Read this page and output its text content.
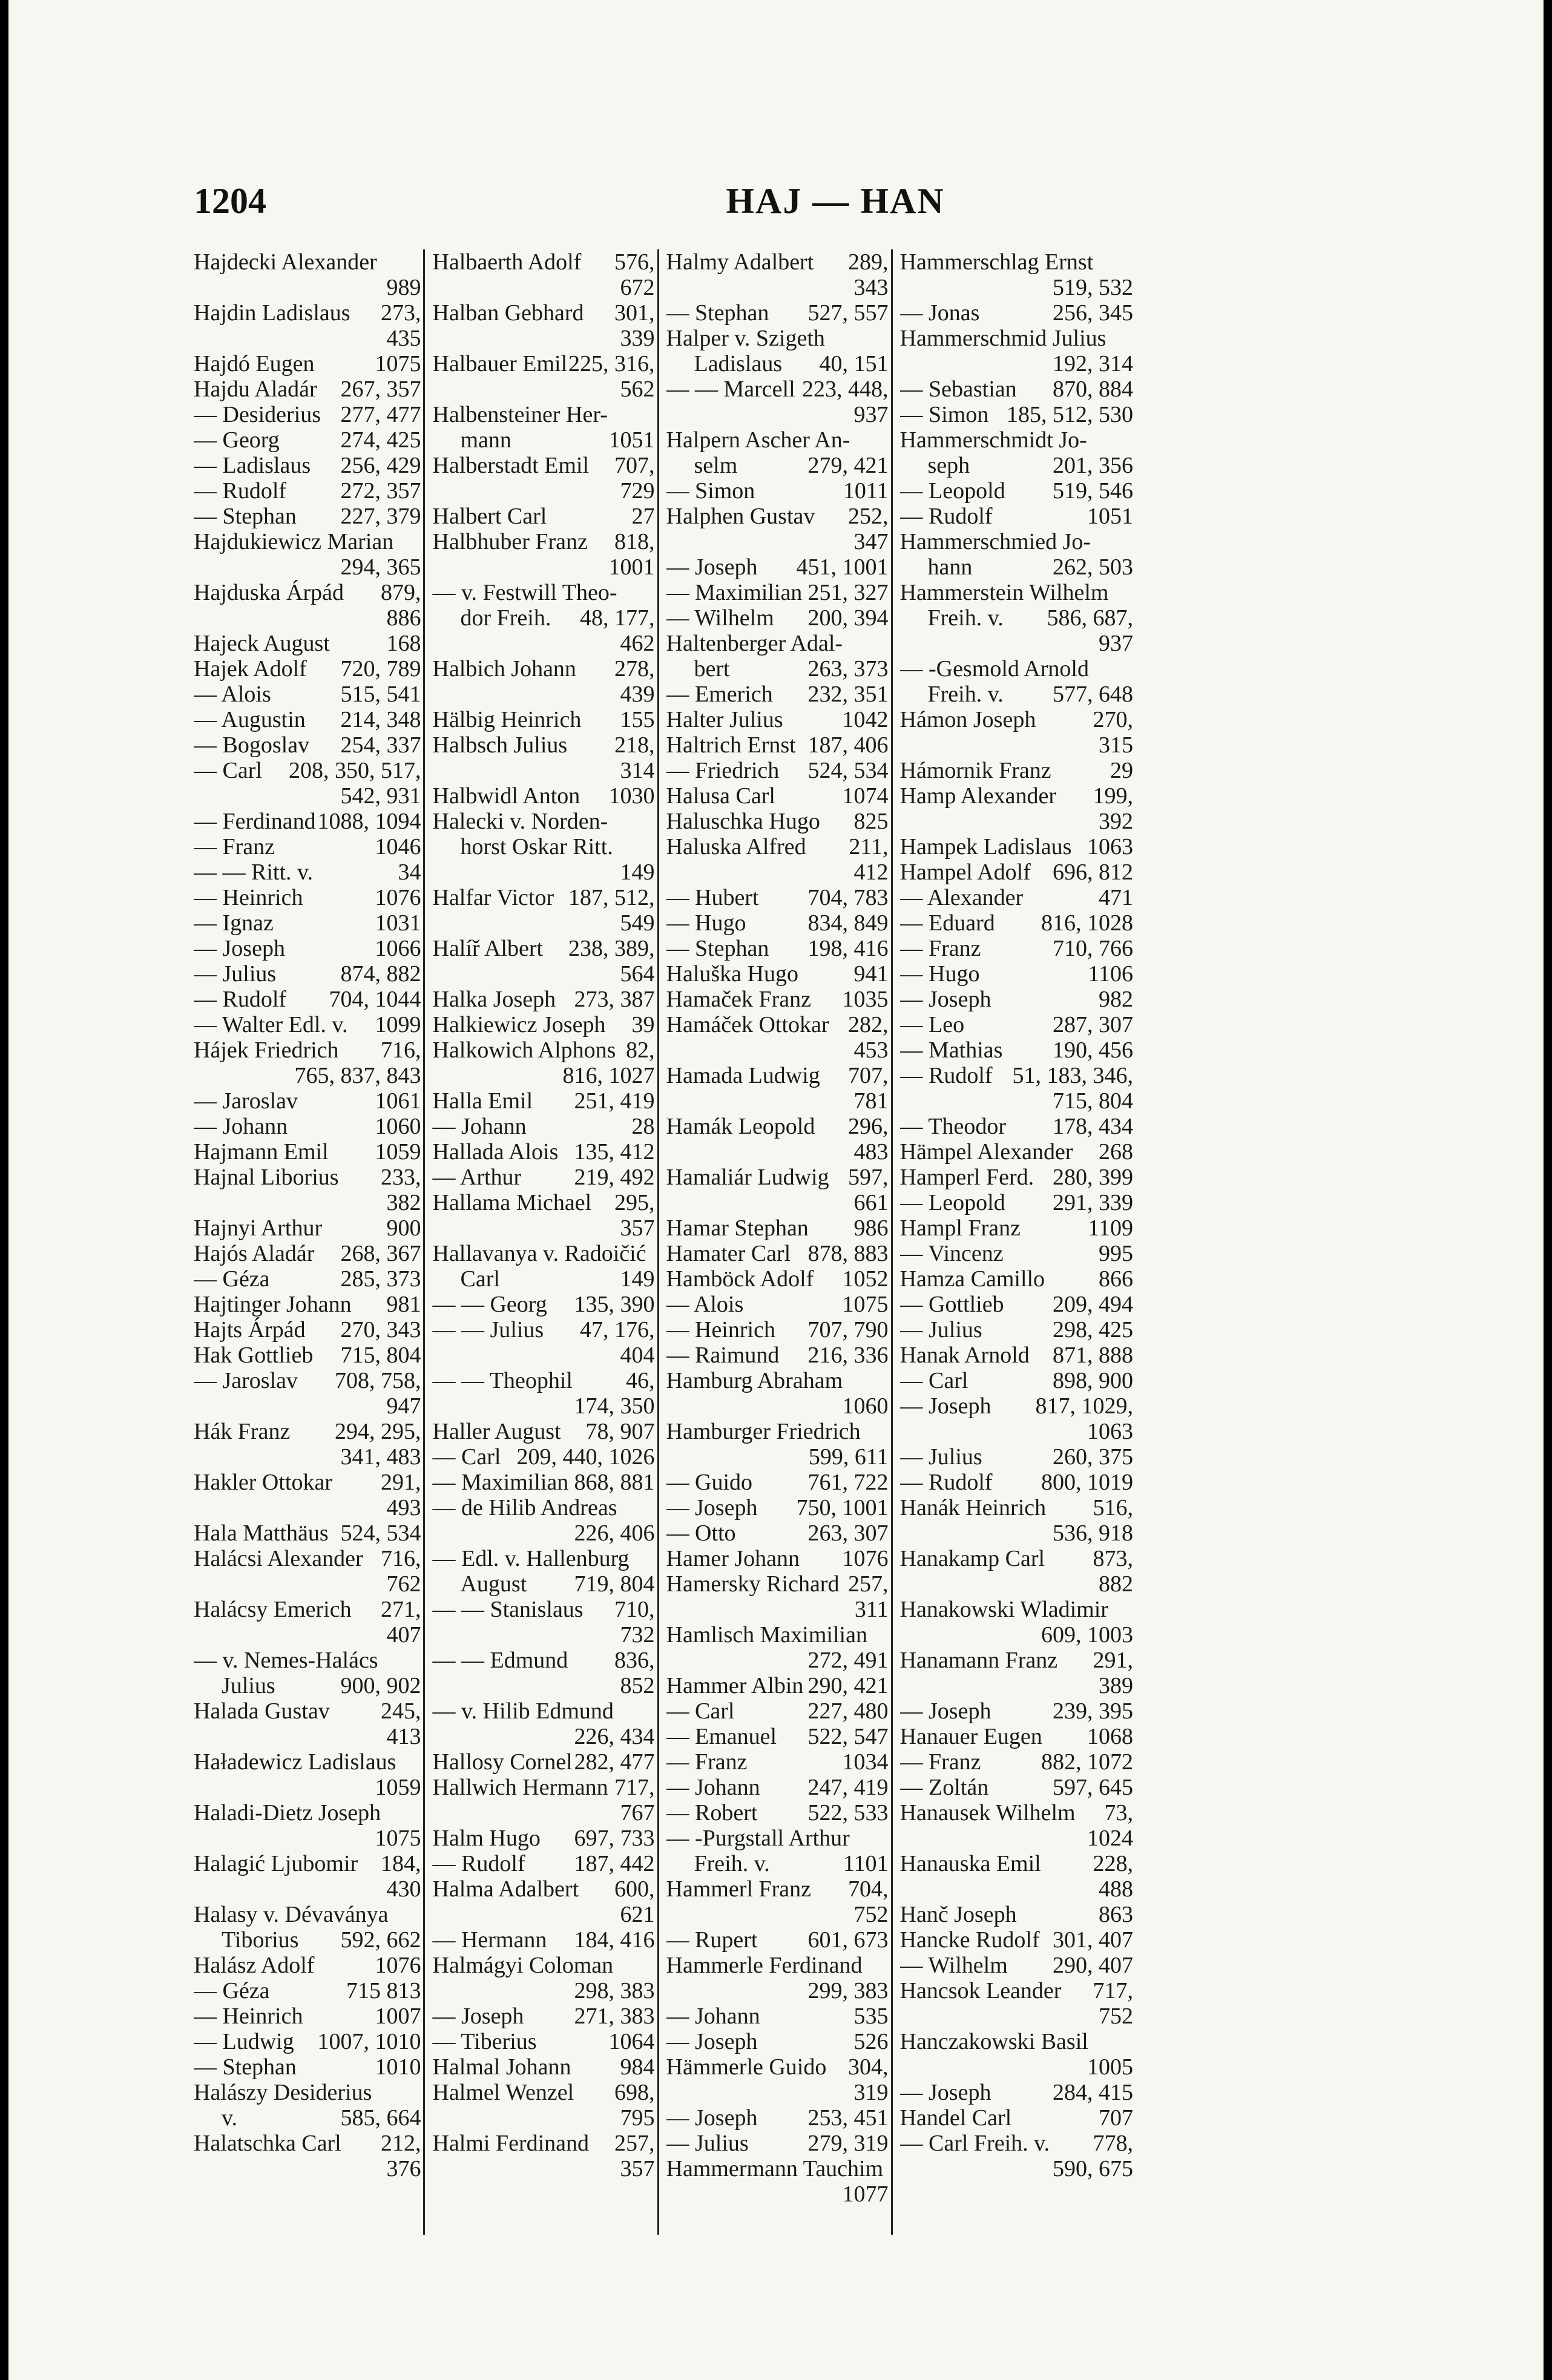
1204	HAJ — HAN
Hajdecki Alexander
989
Hajdin Ladislaus 273,
435
Hajdó Eugen	1075
Hajdu Aladár 267, 357
— Desiderius 277, 477
— Georg	274, 425
— Ladislaus 256, 429
— Rudolf 272, 357
— Stephan 227, 379
Hajdukiewicz Marian
294, 365
Hajduska Árpád 879,
886
Hajeck August 168
Hajek Adolf 720, 789
— Alois	515, 541
— Augustin 214, 348
— Bogoslav 254, 337
— Carl 208, 350, 517,
542, 931
— Ferdinand 1088, 1094
— Franz	1046
— — Ritt. v.	34
— Heinrich	1076
— Ignaz	1031
— Joseph	1066
— Julius	874, 882
— Rudolf 704, 1044
— Walter Edl. v. 1099
Hájek Friedrich 716,
765, 837, 843
— Jaroslav	1061
— Johann	1060
Hajmann Emil 1059
Hajnal Liborius 233,
382
Hajnyi Arthur	900
Hajós Aladár 268, 367
— Géza	285, 373
Hajtinger Johann 981
Hajts Árpád 270, 343
Hak Gottlieb 715, 804
— Jaroslav 708, 758,
947
Hák Franz 294, 295,
341, 483
Hakler Ottokar 291,
493
Hala Matthäus 524, 534
Halácsi Alexander 716,
762
Halácsy Emerich 271,
407
— v. Nemes-Halács
Julius	900, 902
Halada Gustav 245,
413
Haładewicz Ladislaus
1059
Haladi-Dietz Joseph
1075
Halagić Ljubomir 184,
430
Halasy v. Dévaványa
Tiborius 592, 662
Halász Adolf	1076
— Géza	715 813
— Heinrich	1007
— Ludwig 1007, 1010
— Stephan	1010
Halászy Desiderius
v.	585, 664
Halatschka Carl 212,
376
Halbaerth Adolf 576,
672
Halban Gebhard 301,
339
Halbauer Emil 225, 316,
562
Halbensteiner Her-
mann	1051
Halberstadt Emil 707,
729
Halbert Carl	27
Halbhuber Franz 818,
1001
— v. Festwill Theo-
dor Freih. 48, 177,
462
Halbich Johann 278,
439
Hälbig Heinrich 155
Halbsch Julius 218,
314
Halbwidl Anton 1030
Halecki v. Norden-
horst Oskar Ritt.
149
Halfar Victor 187, 512,
549
Halíř Albert 238, 389,
564
Halka Joseph 273, 387
Halkiewicz Joseph 39
Halkowich Alphons 82,
816, 1027
Halla Emil 251, 419
— Johann	28
Hallada Alois 135, 412
— Arthur 219, 492
Hallama Michael 295,
357
Hallavanya v. Radoičić
Carl	149
— — Georg 135, 390
— — Julius 47, 176,
404
— — Theophil 46,
174, 350
Haller August 78, 907
— Carl 209, 440, 1026
— Maximilian 868, 881
— de Hilib Andreas
226, 406
— Edl. v. Hallenburg
August 719, 804
— — Stanislaus 710,
732
— — Edmund 836,
852
— v. Hilib Edmund
226, 434
Hallosy Cornel 282, 477
Hallwich Hermann 717,
767
Halm Hugo 697, 733
— Rudolf 187, 442
Halma Adalbert 600,
621
— Hermann 184, 416
Halmágyi Coloman
298, 383
— Joseph 271, 383
— Tiberius	1064
Halmal Johann 984
Halmel Wenzel 698,
795
Halmi Ferdinand 257,
357
Halmy Adalbert 289,
343
— Stephan 527, 557
Halper v. Szigeth
Ladislaus 40, 151
— — Marcell 223, 448,
937
Halpern Ascher An-
selm	279, 421
— Simon	1011
Halphen Gustav 252,
347
— Joseph 451, 1001
— Maximilian 251, 327
— Wilhelm 200, 394
Haltenberger Adal-
bert	263, 373
— Emerich 232, 351
Halter Julius	1042
Haltrich Ernst 187, 406
— Friedrich 524, 534
Halusa Carl	1074
Haluschka Hugo 825
Haluska Alfred 211,
412
— Hubert 704, 783
— Hugo	834, 849
— Stephan 198, 416
Haluška Hugo 941
Hamaček Franz 1035
Hamáček Ottokar 282,
453
Hamada Ludwig 707,
781
Hamák Leopold 296,
483
Hamaliár Ludwig 597,
661
Hamar Stephan 986
Hamater Carl 878, 883
Hamböck Adolf 1052
— Alois	1075
— Heinrich 707, 790
— Raimund 216, 336
Hamburg Abraham
1060
Hamburger Friedrich
599, 611
— Guido 761, 722
— Joseph 750, 1001
— Otto	263, 307
Hamer Johann 1076
Hamersky Richard 257,
311
Hamlisch Maximilian
272, 491
Hammer Albin 290, 421
— Carl	227, 480
— Emanuel 522, 547
— Franz	1034
— Johann 247, 419
— Robert 522, 533
— -Purgstall Arthur
Freih. v.	1101
Hammerl Franz 704,
752
— Rupert 601, 673
Hammerle Ferdinand
299, 383
— Johann	535
— Joseph	526
Hämmerle Guido 304,
319
— Joseph 253, 451
— Julius	279, 319
Hammermann Tauchim
1077
Hammerschlag Ernst
519, 532
— Jonas	256, 345
Hammerschmid Julius
192, 314
— Sebastian 870, 884
— Simon 185, 512, 530
Hammerschmidt Jo-
seph	201, 356
— Leopold 519, 546
— Rudolf	1051
Hammerschmied Jo-
hann	262, 503
Hammerstein Wilhelm
Freih. v. 586, 687,
937
— -Gesmold Arnold
Freih. v. 577, 648
Hámon Joseph 270,
315
Hámornik Franz	29
Hamp Alexander 199,
392
Hampek Ladislaus 1063
Hampel Adolf 696, 812
— Alexander	471
— Eduard 816, 1028
— Franz	710, 766
— Hugo	1106
— Joseph	982
— Leo	287, 307
— Mathias 190, 456
— Rudolf 51, 183, 346,
715, 804
— Theodor 178, 434
Hämpel Alexander 268
Hamperl Ferd. 280, 399
— Leopold 291, 339
Hampl Franz	1109
— Vincenz	995
Hamza Camillo 866
— Gottlieb 209, 494
— Julius	298, 425
Hanak Arnold 871, 888
— Carl	898, 900
— Joseph 817, 1029,
1063
— Julius	260, 375
— Rudolf 800, 1019
Hanák Heinrich 516,
536, 918
Hanakamp Carl 873,
882
Hanakowski Wladimir
609, 1003
Hanamann Franz 291,
389
— Joseph	239, 395
Hanauer Eugen 1068
— Franz	882, 1072
— Zoltán	597, 645
Hanausek Wilhelm 73,
1024
Hanauska Emil 228,
488
Hanč Joseph	863
Hancke Rudolf 301, 407
— Wilhelm 290, 407
Hancsok Leander 717,
752
Hanczakowski Basil
1005
— Joseph	284, 415
Handel Carl	707
— Carl Freih. v. 778,
590, 675
